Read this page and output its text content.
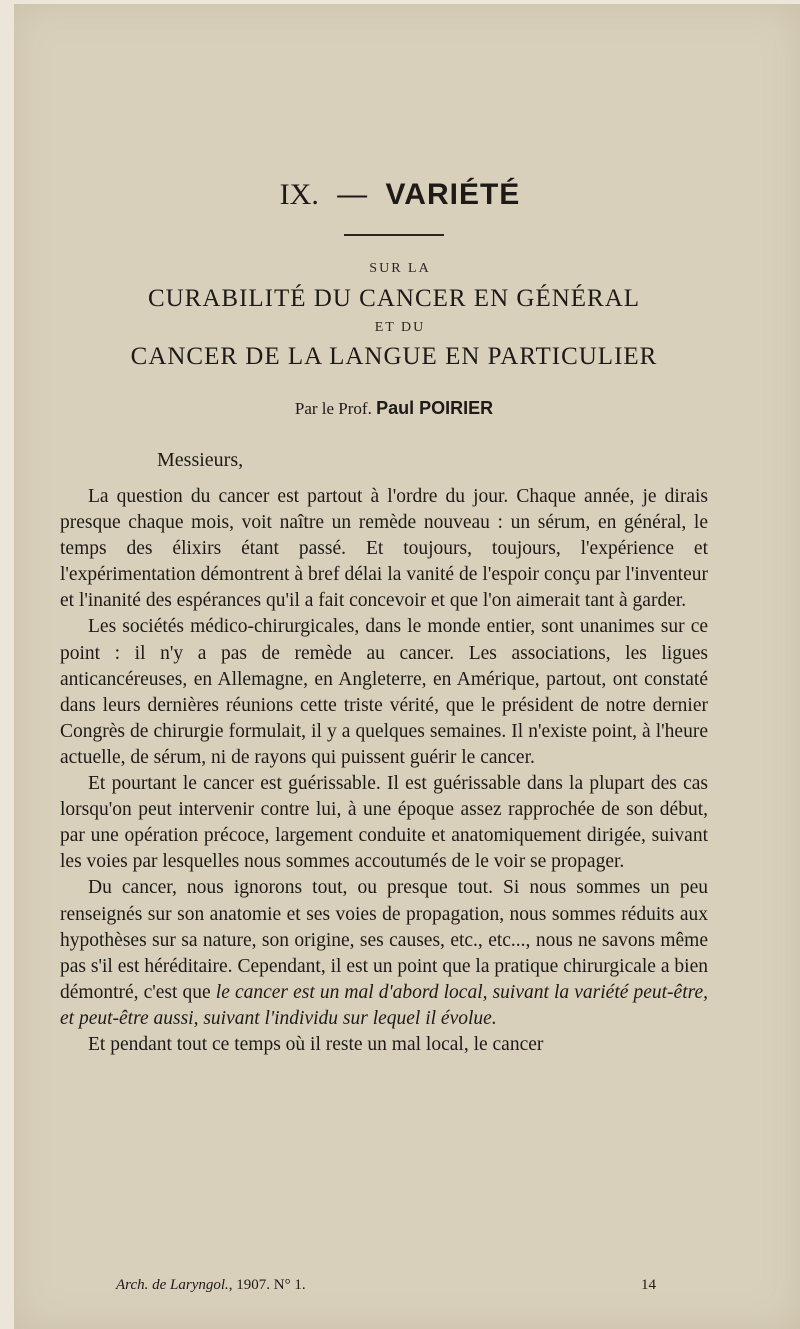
IX. — VARIÉTÉ
SUR LA
CURABILITÉ DU CANCER EN GÉNÉRAL
ET DU
CANCER DE LA LANGUE EN PARTICULIER
Par le Prof. Paul POIRIER
Messieurs,

La question du cancer est partout à l'ordre du jour. Chaque année, je dirais presque chaque mois, voit naître un remède nouveau : un sérum, en général, le temps des élixirs étant passé. Et toujours, toujours, l'expérience et l'expérimentation démontrent à bref délai la vanité de l'espoir conçu par l'inventeur et l'inanité des espérances qu'il a fait concevoir et que l'on aimerait tant à garder.

Les sociétés médico-chirurgicales, dans le monde entier, sont unanimes sur ce point : il n'y a pas de remède au cancer. Les associations, les ligues anticancéreuses, en Allemagne, en Angleterre, en Amérique, partout, ont constaté dans leurs dernières réunions cette triste vérité, que le président de notre dernier Congrès de chirurgie formulait, il y a quelques semaines. Il n'existe point, à l'heure actuelle, de sérum, ni de rayons qui puissent guérir le cancer.

Et pourtant le cancer est guérissable. Il est guérissable dans la plupart des cas lorsqu'on peut intervenir contre lui, à une époque assez rapprochée de son début, par une opération précoce, largement conduite et anatomiquement dirigée, suivant les voies par lesquelles nous sommes accoutumés de le voir se propager.

Du cancer, nous ignorons tout, ou presque tout. Si nous sommes un peu renseignés sur son anatomie et ses voies de propagation, nous sommes réduits aux hypothèses sur sa nature, son origine, ses causes, etc., etc..., nous ne savons même pas s'il est héréditaire. Cependant, il est un point que la pratique chirurgicale a bien démontré, c'est que le cancer est un mal d'abord local, suivant la variété peut-être, et peut-être aussi, suivant l'individu sur lequel il évolue.

Et pendant tout ce temps où il reste un mal local, le cancer

Arch. de Laryngol., 1907. N° 1.	14
